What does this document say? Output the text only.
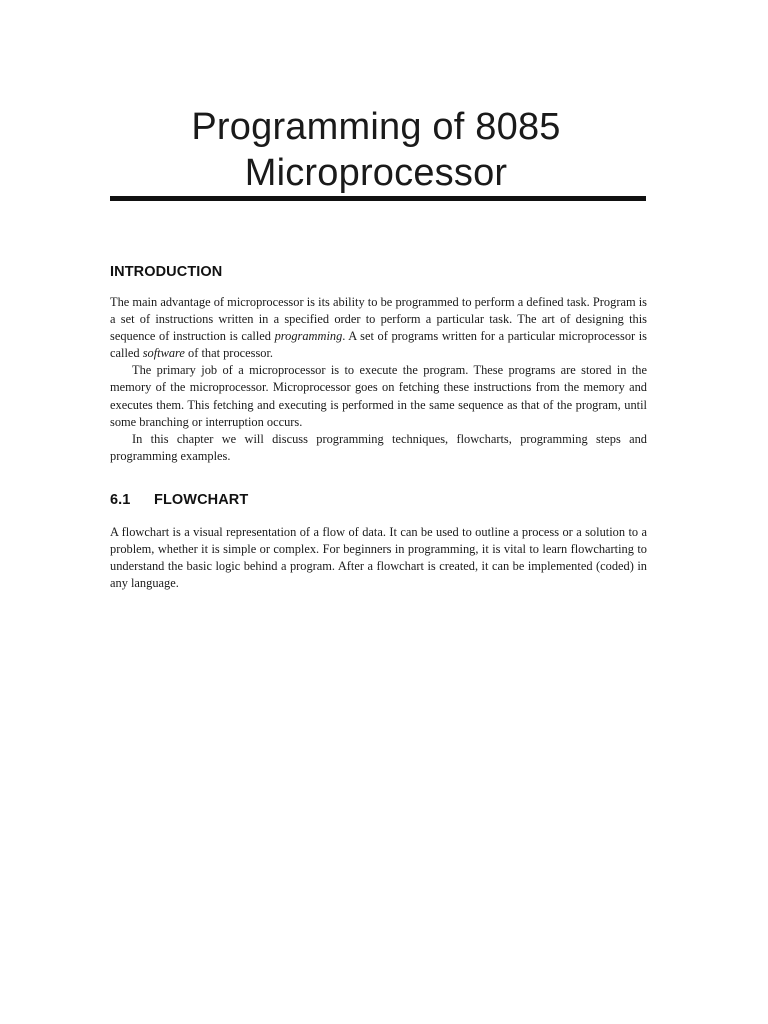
Programming of 8085
Microprocessor
INTRODUCTION

The main advantage of microprocessor is its ability to be programmed to perform a defined task. Program is a set of instructions written in a specified order to perform a particular task. The art of designing this sequence of instruction is called programming. A set of programs written for a particular microprocessor is called software of that processor.

The primary job of a microprocessor is to execute the program. These programs are stored in the memory of the microprocessor. Microprocessor goes on fetching these instructions from the memory and executes them. This fetching and executing is performed in the same sequence as that of the program, until some branching or interruption occurs.

In this chapter we will discuss programming techniques, flowcharts, programming steps and programming examples.

6.1 FLOWCHART

A flowchart is a visual representation of a flow of data. It can be used to outline a process or a solution to a problem, whether it is simple or complex. For beginners in programming, it is vital to learn flowcharting to understand the basic logic behind a program. After a flowchart is created, it can be implemented (coded) in any language.
